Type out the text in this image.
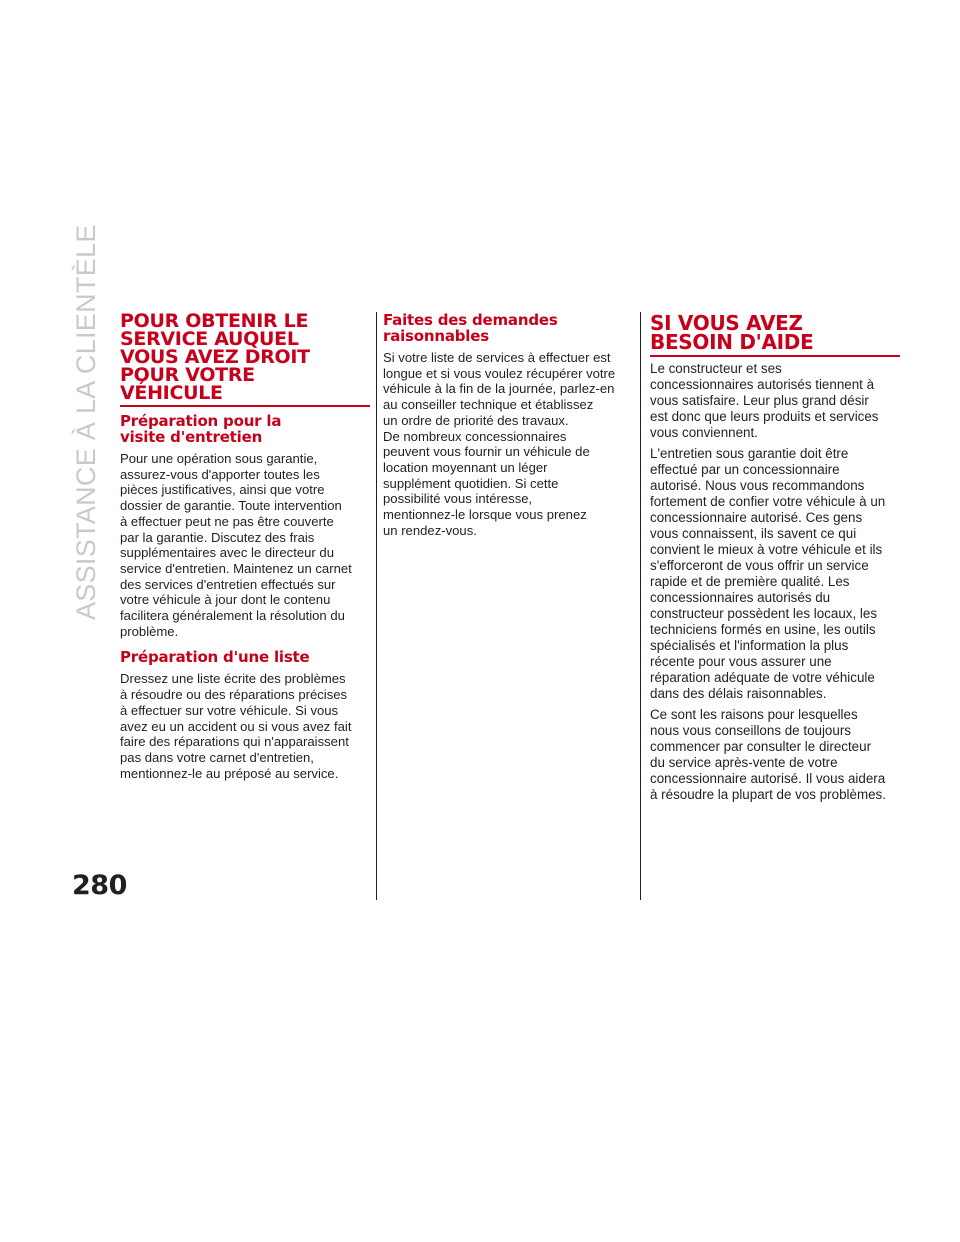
ASSISTANCE À LA CLIENTÈLE
280
POUR OBTENIR LE
SERVICE AUQUEL
VOUS AVEZ DROIT
POUR VOTRE
VÉHICULE
Préparation pour la
visite d'entretien

Pour une opération sous garantie,
assurez-vous d'apporter toutes les
pièces justificatives, ainsi que votre
dossier de garantie. Toute intervention
à effectuer peut ne pas être couverte
par la garantie. Discutez des frais
supplémentaires avec le directeur du
service d'entretien. Maintenez un carnet
des services d'entretien effectués sur
votre véhicule à jour dont le contenu
facilitera généralement la résolution du
problème.

Préparation d'une liste

Dressez une liste écrite des problèmes
à résoudre ou des réparations précises
à effectuer sur votre véhicule. Si vous
avez eu un accident ou si vous avez fait
faire des réparations qui n'apparaissent
pas dans votre carnet d'entretien,
mentionnez-le au préposé au service.

Faites des demandes
raisonnables

Si votre liste de services à effectuer est
longue et si vous voulez récupérer votre
véhicule à la fin de la journée, parlez-en
au conseiller technique et établissez
un ordre de priorité des travaux.
De nombreux concessionnaires
peuvent vous fournir un véhicule de
location moyennant un léger
supplément quotidien. Si cette
possibilité vous intéresse,
mentionnez-le lorsque vous prenez
un rendez-vous.

SI VOUS AVEZ
BESOIN D'AIDE

Le constructeur et ses
concessionnaires autorisés tiennent à
vous satisfaire. Leur plus grand désir
est donc que leurs produits et services
vous conviennent.

L'entretien sous garantie doit être
effectué par un concessionnaire
autorisé. Nous vous recommandons
fortement de confier votre véhicule à un
concessionnaire autorisé. Ces gens
vous connaissent, ils savent ce qui
convient le mieux à votre véhicule et ils
s'efforceront de vous offrir un service
rapide et de première qualité. Les
concessionnaires autorisés du
constructeur possèdent les locaux, les
techniciens formés en usine, les outils
spécialisés et l'information la plus
récente pour vous assurer une
réparation adéquate de votre véhicule
dans des délais raisonnables.

Ce sont les raisons pour lesquelles
nous vous conseillons de toujours
commencer par consulter le directeur
du service après-vente de votre
concessionnaire autorisé. Il vous aidera
à résoudre la plupart de vos problèmes.
